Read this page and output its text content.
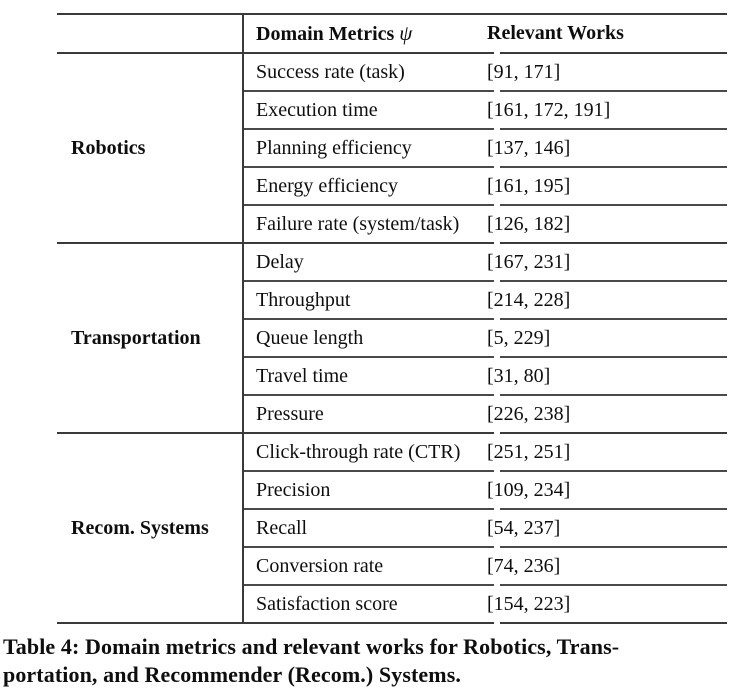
	Domain Metrics ψ		Relevant Works
Robotics	Success rate (task)		[91, 171]
	Execution time		[161, 172, 191]
	Planning efficiency		[137, 146]
	Energy efficiency		[161, 195]
	Failure rate (system/task)		[126, 182]
Transportation	Delay		[167, 231]
	Throughput		[214, 228]
	Queue length		[5, 229]
	Travel time		[31, 80]
	Pressure		[226, 238]
Recom. Systems	Click-through rate (CTR)		[251, 251]
	Precision		[109, 234]
	Recall		[54, 237]
	Conversion rate		[74, 236]
	Satisfaction score		[154, 223]
Table 4: Domain metrics and relevant works for Robotics, Trans-
portation, and Recommender (Recom.) Systems.
